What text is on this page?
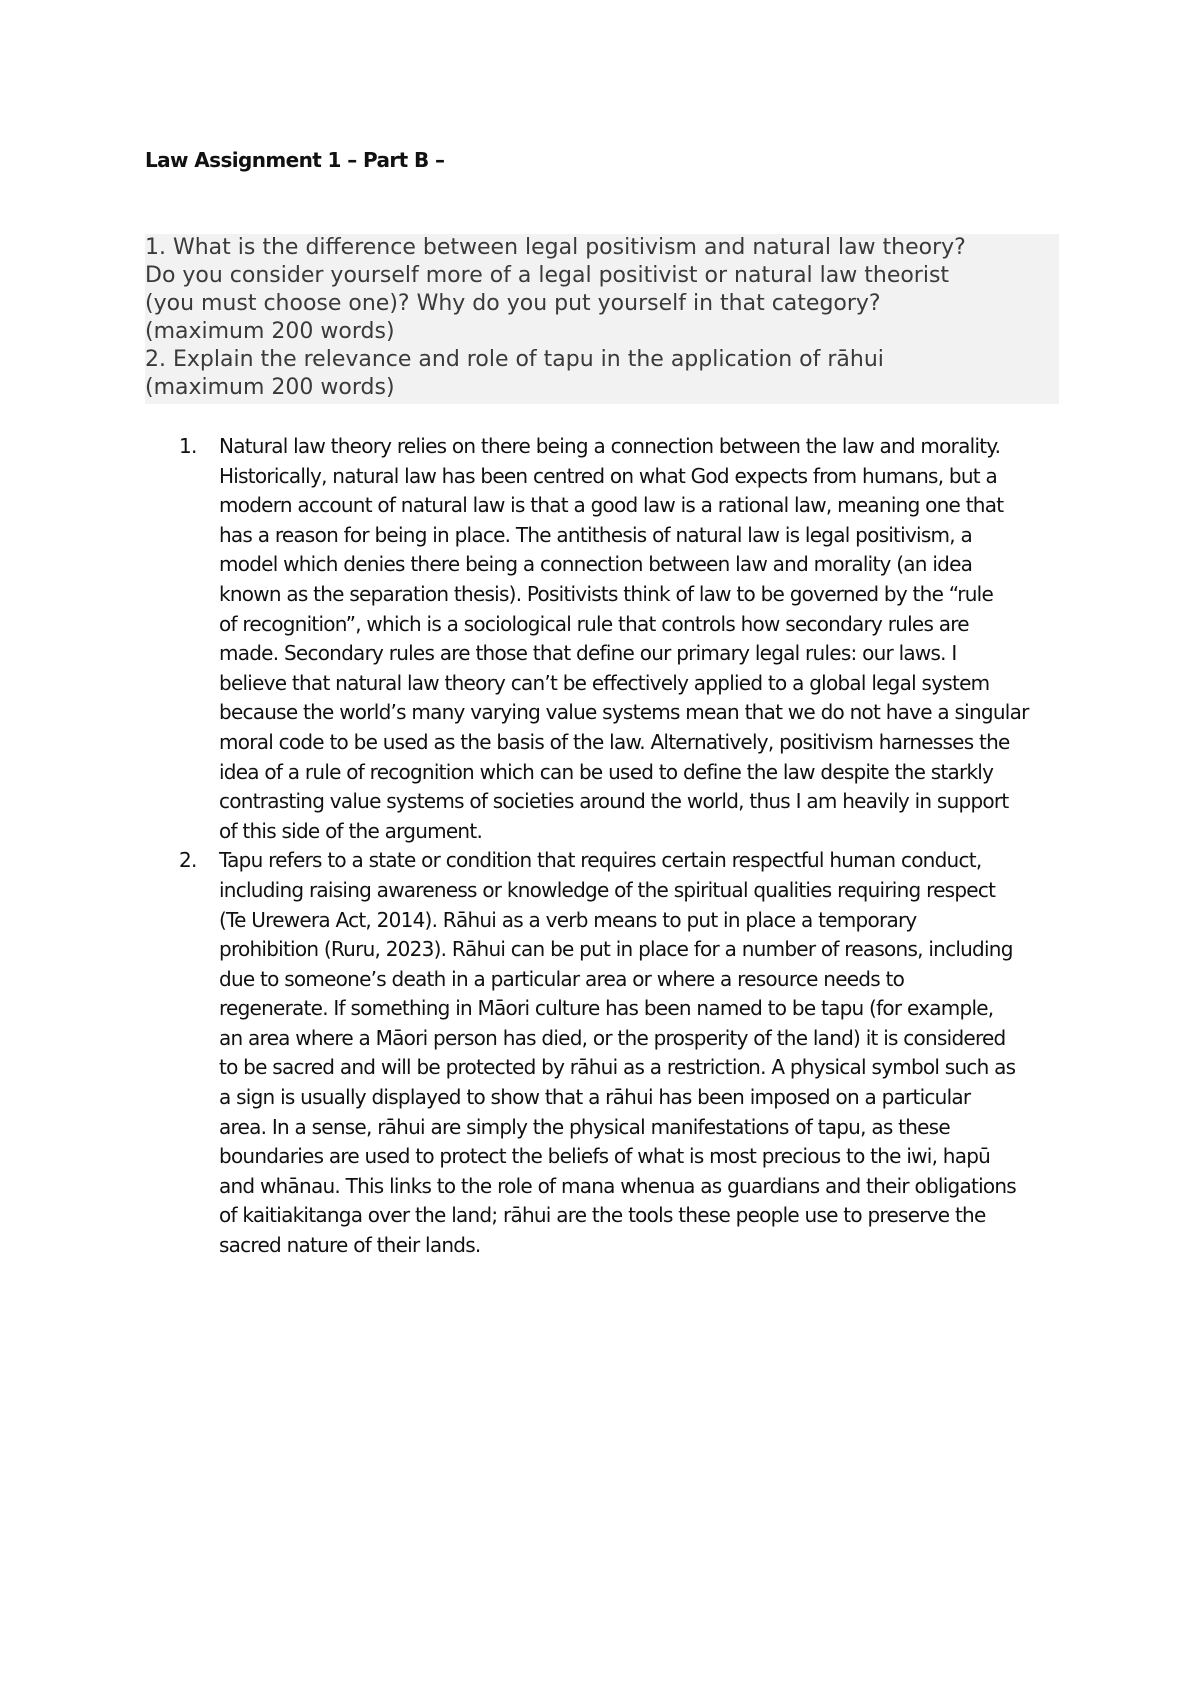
Law Assignment 1 – Part B –
1. What is the difference between legal positivism and natural law theory?
Do you consider yourself more of a legal positivist or natural law theorist
(you must choose one)? Why do you put yourself in that category?
(maximum 200 words)
2. Explain the relevance and role of tapu in the application of rāhui
(maximum 200 words)
1. Natural law theory relies on there being a connection between the law and morality.
Historically, natural law has been centred on what God expects from humans, but a
modern account of natural law is that a good law is a rational law, meaning one that
has a reason for being in place. The antithesis of natural law is legal positivism, a
model which denies there being a connection between law and morality (an idea
known as the separation thesis). Positivists think of law to be governed by the “rule
of recognition”, which is a sociological rule that controls how secondary rules are
made. Secondary rules are those that define our primary legal rules: our laws. I
believe that natural law theory can’t be effectively applied to a global legal system
because the world’s many varying value systems mean that we do not have a singular
moral code to be used as the basis of the law. Alternatively, positivism harnesses the
idea of a rule of recognition which can be used to define the law despite the starkly
contrasting value systems of societies around the world, thus I am heavily in support
of this side of the argument.
2. Tapu refers to a state or condition that requires certain respectful human conduct,
including raising awareness or knowledge of the spiritual qualities requiring respect
(Te Urewera Act, 2014). Rāhui as a verb means to put in place a temporary
prohibition (Ruru, 2023). Rāhui can be put in place for a number of reasons, including
due to someone’s death in a particular area or where a resource needs to
regenerate. If something in Māori culture has been named to be tapu (for example,
an area where a Māori person has died, or the prosperity of the land) it is considered
to be sacred and will be protected by rāhui as a restriction. A physical symbol such as
a sign is usually displayed to show that a rāhui has been imposed on a particular
area. In a sense, rāhui are simply the physical manifestations of tapu, as these
boundaries are used to protect the beliefs of what is most precious to the iwi, hapū
and whānau. This links to the role of mana whenua as guardians and their obligations
of kaitiakitanga over the land; rāhui are the tools these people use to preserve the
sacred nature of their lands.
